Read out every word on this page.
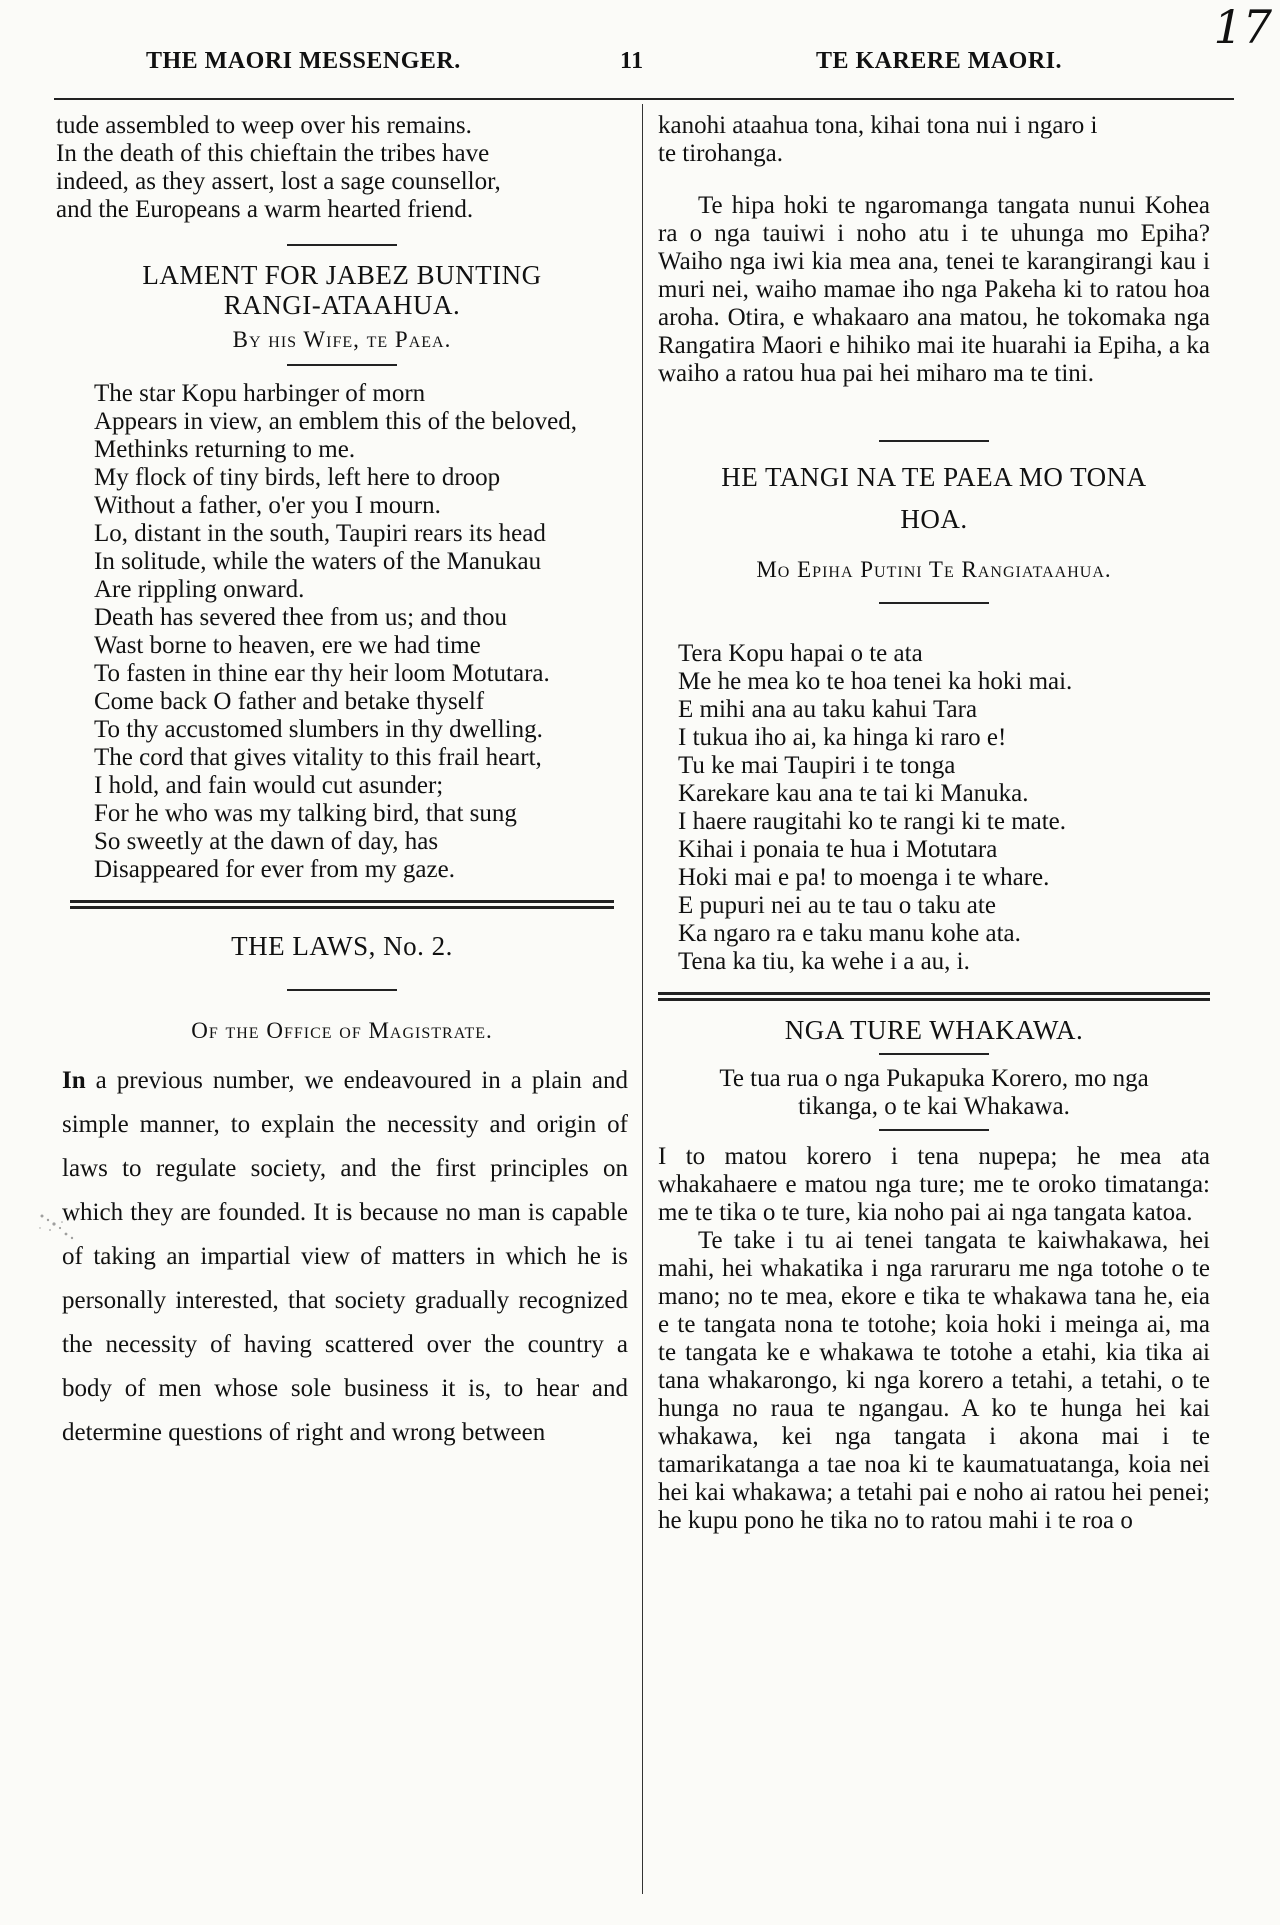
THE MAORI MESSENGER.	11	TE KARERE MAORI.
17
tude assembled to weep over his remains.
In the death of this chieftain the tribes have
indeed, as they assert, lost a sage counsellor,
and the Europeans a warm hearted friend.
LAMENT FOR JABEZ BUNTING RANGI-ATAAHUA.
By his Wife, te Paea.
The star Kopu harbinger of morn
Appears in view, an emblem this of the beloved,
Methinks returning to me.
My flock of tiny birds, left here to droop
Without a father, o'er you I mourn.
Lo, distant in the south, Taupiri rears its head
In solitude, while the waters of the Manukau
Are rippling onward.
Death has severed thee from us; and thou
Wast borne to heaven, ere we had time
To fasten in thine ear thy heir loom Motutara.
Come back O father and betake thyself
To thy accustomed slumbers in thy dwelling.
The cord that gives vitality to this frail heart,
I hold, and fain would cut asunder;
For he who was my talking bird, that sung
So sweetly at the dawn of day, has
Disappeared for ever from my gaze.
THE LAWS, No. 2.
Of the Office of Magistrate.

In a previous number, we endeavoured in a plain and simple manner, to explain the necessity and origin of laws to regulate society, and the first principles on which they are founded. It is because no man is capable of taking an impartial view of matters in which he is personally interested, that society gradually recognized the necessity of having scattered over the country a body of men whose sole business it is, to hear and determine questions of right and wrong between

kanohi ataahua tona, kihai tona nui i ngaro i
te tirohanga.

Te hipa hoki te ngaromanga tangata nunui Kohea ra o nga tauiwi i noho atu i te uhunga mo Epiha? Waiho nga iwi kia mea ana, tenei te karangirangi kau i muri nei, waiho mamae iho nga Pakeha ki to ratou hoa aroha. Otira, e whakaaro ana matou, he tokomaka nga Rangatira Maori e hihiko mai ite huarahi ia Epiha, a ka waiho a ratou hua pai hei miharo ma te tini.

HE TANGI NA TE PAEA MO TONA
HOA.
Mo Epiha Putini Te Rangiataahua.
Tera Kopu hapai o te ata
Me he mea ko te hoa tenei ka hoki mai.
E mihi ana au taku kahui Tara
I tukua iho ai, ka hinga ki raro e!
Tu ke mai Taupiri i te tonga
Karekare kau ana te tai ki Manuka.
I haere raugitahi ko te rangi ki te mate.
Kihai i ponaia te hua i Motutara
Hoki mai e pa! to moenga i te whare.
E pupuri nei au te tau o taku ate
Ka ngaro ra e taku manu kohe ata.
Tena ka tiu, ka wehe i a au, i.
NGA TURE WHAKAWA.
Te tua rua o nga Pukapuka Korero, mo nga tikanga, o te kai Whakawa.

I to matou korero i tena nupepa; he mea ata whakahaere e matou nga ture; me te oroko timatanga: me te tika o te ture, kia noho pai ai nga tangata katoa.

Te take i tu ai tenei tangata te kaiwhakawa, hei mahi, hei whakatika i nga raruraru me nga totohe o te mano; no te mea, ekore e tika te whakawa tana he, eia e te tangata nona te totohe; koia hoki i meinga ai, ma te tangata ke e whakawa te totohe a etahi, kia tika ai tana whakarongo, ki nga korero a tetahi, a tetahi, o te hunga no raua te ngangau. A ko te hunga hei kai whakawa, kei nga tangata i akona mai i te tamarikatanga a tae noa ki te kaumatuatanga, koia nei hei kai whakawa; a tetahi pai e noho ai ratou hei penei; he kupu pono he tika no to ratou mahi i te roa o
